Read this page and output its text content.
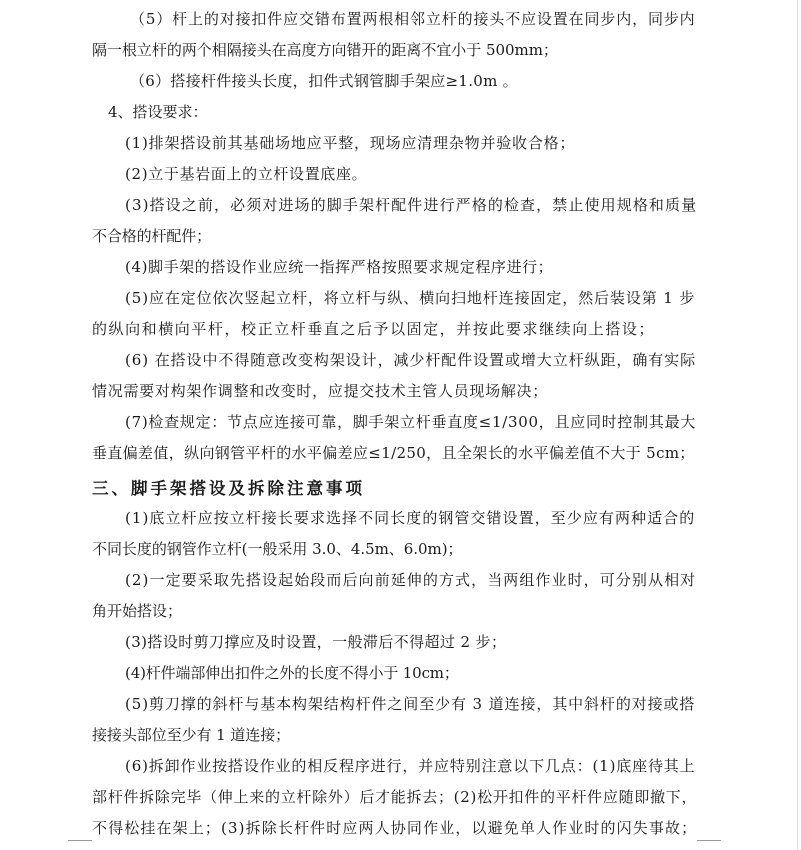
（5）杆上的对接扣件应交错布置两根相邻立杆的接头不应设置在同步内，同步内
隔一根立杆的两个相隔接头在高度方向错开的距离不宜小于 500mm；
（6）搭接杆件接头长度，扣件式钢管脚手架应≥1.0m 。
4、搭设要求：
(1)排架搭设前其基础场地应平整，现场应清理杂物并验收合格；
(2)立于基岩面上的立杆设置底座。
(3)搭设之前，必须对进场的脚手架杆配件进行严格的检查，禁止使用规格和质量
不合格的杆配件；
(4)脚手架的搭设作业应统一指挥严格按照要求规定程序进行；
(5)应在定位依次竖起立杆，将立杆与纵、横向扫地杆连接固定，然后装设第 1 步
的纵向和横向平杆，校正立杆垂直之后予以固定，并按此要求继续向上搭设；
(6) 在搭设中不得随意改变构架设计，减少杆配件设置或增大立杆纵距，确有实际
情况需要对构架作调整和改变时，应提交技术主管人员现场解决；
(7)检查规定：节点应连接可靠，脚手架立杆垂直度≤1/300，且应同时控制其最大
垂直偏差值，纵向钢管平杆的水平偏差应≤1/250，且全架长的水平偏差值不大于 5cm；
三、脚手架搭设及拆除注意事项
(1)底立杆应按立杆接长要求选择不同长度的钢管交错设置，至少应有两种适合的
不同长度的钢管作立杆(一般采用 3.0、4.5m、6.0m)；
(2)一定要采取先搭设起始段而后向前延伸的方式，当两组作业时，可分别从相对
角开始搭设；
(3)搭设时剪刀撑应及时设置，一般滞后不得超过 2 步；
(4)杆件端部伸出扣件之外的长度不得小于 10cm；
(5)剪刀撑的斜杆与基本构架结构杆件之间至少有 3 道连接，其中斜杆的对接或搭
接接头部位至少有 1 道连接；
(6)拆卸作业按搭设作业的相反程序进行，并应特别注意以下几点：(1)底座待其上
部杆件拆除完毕（伸上来的立杆除外）后才能拆去；(2)松开扣件的平杆件应随即撤下，
不得松挂在架上；(3)拆除长杆件时应两人协同作业，以避免单人作业时的闪失事故；
